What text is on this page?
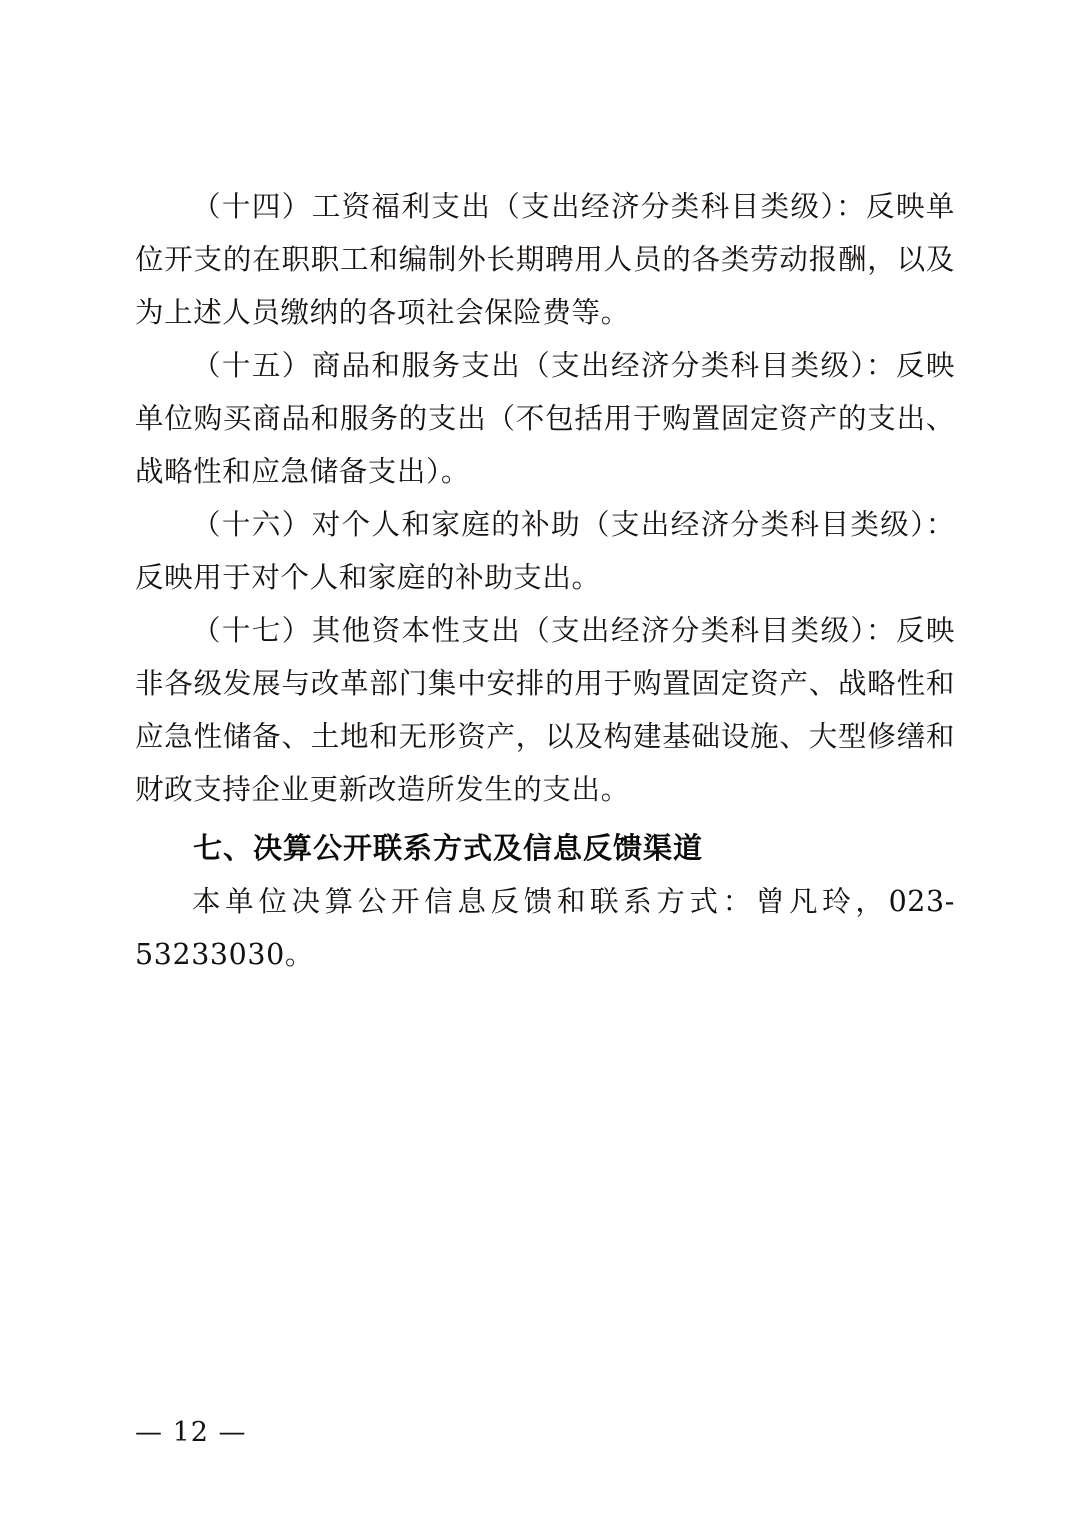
（十四）工资福利支出（支出经济分类科目类级）：反映单位开支的在职职工和编制外长期聘用人员的各类劳动报酬，以及为上述人员缴纳的各项社会保险费等。

（十五）商品和服务支出（支出经济分类科目类级）：反映单位购买商品和服务的支出（不包括用于购置固定资产的支出、战略性和应急储备支出）。

（十六）对个人和家庭的补助（支出经济分类科目类级）：反映用于对个人和家庭的补助支出。

（十七）其他资本性支出（支出经济分类科目类级）：反映非各级发展与改革部门集中安排的用于购置固定资产、战略性和应急性储备、土地和无形资产，以及构建基础设施、大型修缮和财政支持企业更新改造所发生的支出。

七、决算公开联系方式及信息反馈渠道

本单位决算公开信息反馈和联系方式：曾凡玲，023-53233030。

— 12 —
